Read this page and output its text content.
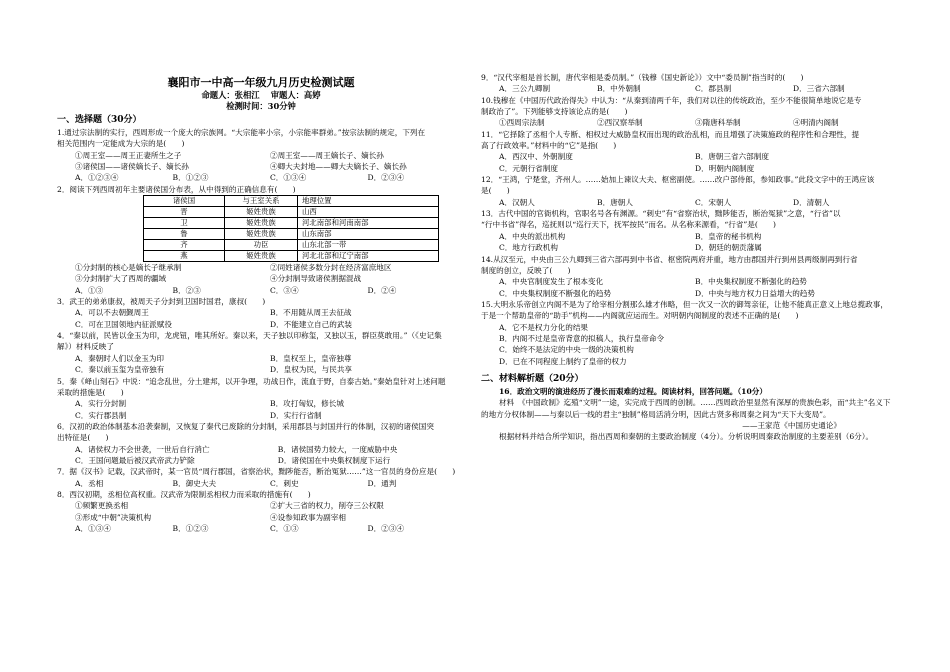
襄阳市一中高一年级九月历史检测试题
命题人：张相江　 审题人：高婷
检测时间：30分钟
一、选择题（30分）
1.通过宗法制的实行，西周形成一个庞大的宗族网。“大宗能率小宗，小宗能率群弟。”按宗法制的规定，下列在
相关范围内一定能成为大宗的是(　　)
①周王室——周王正妻所生之子	②周王室——周王嫡长子、嫡长孙
③诸侯国——诸侯嫡长子、嫡长孙	④卿大夫封地——卿大夫嫡长子、嫡长孙
A．①②③④	B．①②③	C．①③④	D．②③④
2．阅读下列西周初年主要诸侯国分布表，从中得到的正确信息有(　　)
诸侯国	与王室关系	地理位置
晋	姬姓贵族	山西
卫	姬姓贵族	河北南部和河南南部
鲁	姬姓贵族	山东南部
齐	功臣	山东北部一带
燕	姬姓贵族	河北北部和辽宁南部
①分封制的核心是嫡长子继承制	②同姓诸侯多数分封在经济富庶地区
③分封制扩大了西周的疆域	④分封制导致诸侯割据混战
A．①③	B．②③	C．③④	D．②④
3．武王的弟弟康叔，被周天子分封到卫国时国君，康叔(　　)
A．可以不去朝觐周王	B．不用随从周王去征战
C．可在卫国领地内征派赋役	D．不能建立自己的武装
4．“秦以前，民皆以金玉为印，龙虎钮，唯其所好。秦以来，天子独以印称玺，又独以玉，群臣莫敢用。”（《史记集
解》）材料反映了
A．秦朝时人们以金玉为印	B．皇权至上，皇帝独尊
C．秦以前玉玺为皇帝独有	D．皇权为民，与民共享
5．秦《峄山刻石》中说：“追念乱世，分土建邦，以开争理，功战日作，流血于野，自泰古始。”秦始皇针对上述问题
采取的措施是(　　)
A．实行分封制	B．攻打匈奴，修长城
C．实行郡县制	D．实行行省制
6．汉初的政治体制基本沿袭秦制，又恢复了秦代已废除的分封制，采用郡县与封国并行的体制，汉初的诸侯国突
出特征是(　　)
A．诸侯权力不会世袭，一世后自行消亡	B．诸侯国势力较大，一度威胁中央
C．王国问题最后被汉武帝武力铲除	D．诸侯国在中央集权制度下运行
7．据《汉书》记载，汉武帝时，某一官员“周行郡国，省察治状，黜陟能否，断治冤狱……”这一官员的身份应是(　　)
A．丞相	B．御史大夫	C．刺史	D．通判
8．西汉初期，丞相位高权重。汉武帝为限制丞相权力而采取的措施有(　　)
①频繁更换丞相	②扩大三省的权力，削夺三公权限
③形成“中朝”决策机构	④设参知政事为副宰相
A．①③④	B．①②③	C．①③	D．②③④
9．“汉代宰相是首长制，唐代宰相是委员制。”（钱穆《国史新论》）文中“委员制”指当时的(　　)
A．三公九卿制	B．中外朝制	C．郡县制	D．三省六部制
10.钱穆在《中国历代政治得失》中认为：“从秦到清两千年，我们对以往的传统政治，至少不能很简单地说它是专
制政治了”。下列能够支持该论点的是(　　)
①西周宗法制	②西汉察举制	③隋唐科举制	④明清内阁制
11．“它择除了丞相个人专断、相权过大威胁皇权而出现的政治乱相，而且增强了决策施政的程序性和合理性，提
高了行政效率。”材料中的“它”是指(　　)
A．西汉中、外朝制度	B．唐朝三省六部制度
C．元朝行省制度	D．明朝内阁制度
12．“王鸿，宁楚堂，齐州人。……始加上谏议大夫、枢密副使。……改户部侍郎，参知政事。”此段文字中的王鸿应该
是(　　)
A．汉朝人	B．唐朝人	C．宋朝人	D．清朝人
13．古代中国的官衙机构，官职名号各有渊源。“刺史”有“省察治状，黜陟能否，断治冤狱”之意，“行省”以
“行中书省”得名，巡抚则以“巡行天下，抚军按民”而名。从名称来源看，“行省”是(　　)
A．中央的派出机构	B．皇帝的秘书机构
C．地方行政机构	D．朝廷的朝贡藩属
14.从汉至元，中央由三公九卿到三省六部再到中书省、枢密院两府并重，地方由郡国并行到州县两级制再到行省
制度的创立，反映了(　　)
A．中央官制度发生了根本变化	B．中央集权制度不断强化的趋势
C．中央集权制度不断强化的趋势	D．中央与地方权力日益增大的趋势
15.大明永乐帝创立内阁不是为了给宰相分割那么雄才伟略，但一次又一次的御驾亲征，让他不能真正意义上地总揽政事，
于是一个帮助皇帝的“助手”机构——内阁就应运而生。对明朝内阁制度的表述不正确的是(　　)
A．它不是权力分化的结果
B．内阁不过是皇帝背意的拟稿人，执行皇帝命令
C．始终不是法定的中央一级的决策机构
D．已在不同程度上制约了皇帝的权力
二、材料解析题（20分）
16．政治文明的演进经历了漫长而艰难的过程。阅读材料，回答问题。（10分）
材料　《中国政制》迄殖“文明”一途，实完成于西周的创制。……西周政治里显然有深厚的贵族色彩，而“共主”名义下的地方分权体制——与秦以后一线的君主“独制”格局活消分明，因此古贤多称周秦之间为“天下大变局”。
——王家范《中国历史通论》
根据材料并结合所学知识，指出西周和秦朝的主要政治制度（4分）。分析说明周秦政治制度的主要差别（6分）。
